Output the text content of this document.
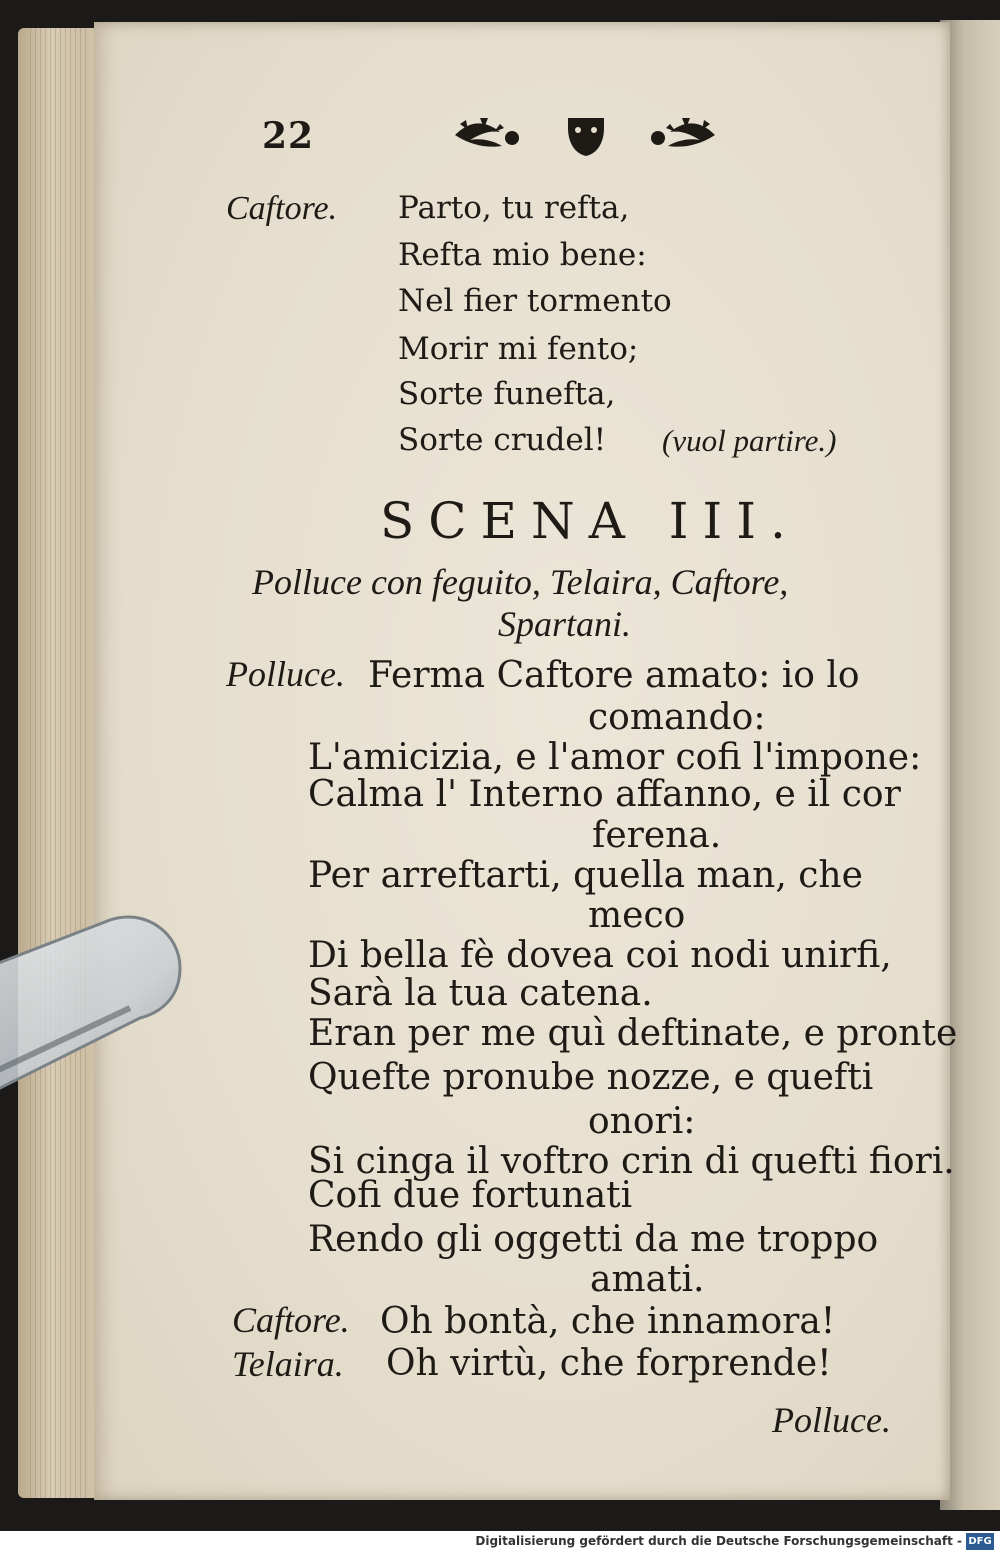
22
Caftore. Parto, tu refta,
Refta mio bene:
Nel fier tormento
Morir mi fento;
Sorte funefta,
Sorte crudel! (vuol partire.)
SCENA III.
Polluce con feguito, Telaira, Caftore,
Spartani.
Polluce. Ferma Caftore amato: io lo
comando:
L'amicizia, e l'amor cofi l'impone:
Calma l' Interno affanno, e il cor
ferena.
Per arreftarti, quella man, che
meco
Di bella fè dovea coi nodi unirfi,
Sarà la tua catena.
Eran per me quì deftinate, e pronte
Quefte pronube nozze, e quefti
onori:
Si cinga il voftro crin di quefti fiori.
Cofi due fortunati
Rendo gli oggetti da me troppo
amati.
Caftore. Oh bontà, che innamora!
Telaira. Oh virtù, che forprende!
Polluce.
Digitalisierung gefördert durch die Deutsche Forschungsgemeinschaft - DFG
